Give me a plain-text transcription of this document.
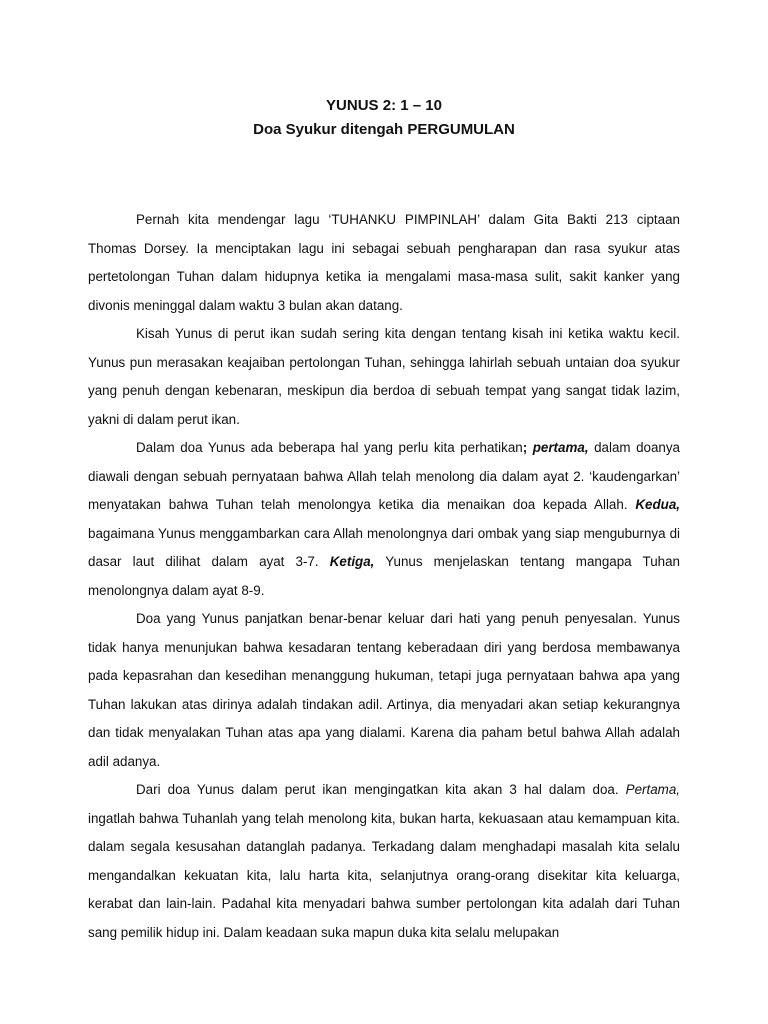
YUNUS 2: 1 – 10
Doa Syukur ditengah PERGUMULAN

Pernah kita mendengar lagu ‘TUHANKU PIMPINLAH’ dalam Gita Bakti 213 ciptaan Thomas Dorsey. Ia menciptakan lagu ini sebagai sebuah pengharapan dan rasa syukur atas pertetolongan Tuhan dalam hidupnya ketika ia mengalami masa-masa sulit, sakit kanker yang divonis meninggal dalam waktu 3 bulan akan datang.

Kisah Yunus di perut ikan sudah sering kita dengan tentang kisah ini ketika waktu kecil. Yunus pun merasakan keajaiban pertolongan Tuhan, sehingga lahirlah sebuah untaian doa syukur yang penuh dengan kebenaran, meskipun dia berdoa di sebuah tempat yang sangat tidak lazim, yakni di dalam perut ikan.

Dalam doa Yunus ada beberapa hal yang perlu kita perhatikan; pertama, dalam doanya diawali dengan sebuah pernyataan bahwa Allah telah menolong dia dalam ayat 2. ‘kaudengarkan’ menyatakan bahwa Tuhan telah menolongya ketika dia menaikan doa kepada Allah. Kedua, bagaimana Yunus menggambarkan cara Allah menolongnya dari ombak yang siap menguburnya di dasar laut dilihat dalam ayat 3-7. Ketiga, Yunus menjelaskan tentang mangapa Tuhan menolongnya dalam ayat 8-9.

Doa yang Yunus panjatkan benar-benar keluar dari hati yang penuh penyesalan. Yunus tidak hanya menunjukan bahwa kesadaran tentang keberadaan diri yang berdosa membawanya pada kepasrahan dan kesedihan menanggung hukuman, tetapi juga pernyataan bahwa apa yang Tuhan lakukan atas dirinya adalah tindakan adil. Artinya, dia menyadari akan setiap kekurangnya dan tidak menyalakan Tuhan atas apa yang dialami. Karena dia paham betul bahwa Allah adalah adil adanya.

Dari doa Yunus dalam perut ikan mengingatkan kita akan 3 hal dalam doa. Pertama, ingatlah bahwa Tuhanlah yang telah menolong kita, bukan harta, kekuasaan atau kemampuan kita. dalam segala kesusahan datanglah padanya. Terkadang dalam menghadapi masalah kita selalu mengandalkan kekuatan kita, lalu harta kita, selanjutnya orang-orang disekitar kita keluarga, kerabat dan lain-lain. Padahal kita menyadari bahwa sumber pertolongan kita adalah dari Tuhan sang pemilik hidup ini. Dalam keadaan suka mapun duka kita selalu melupakan
